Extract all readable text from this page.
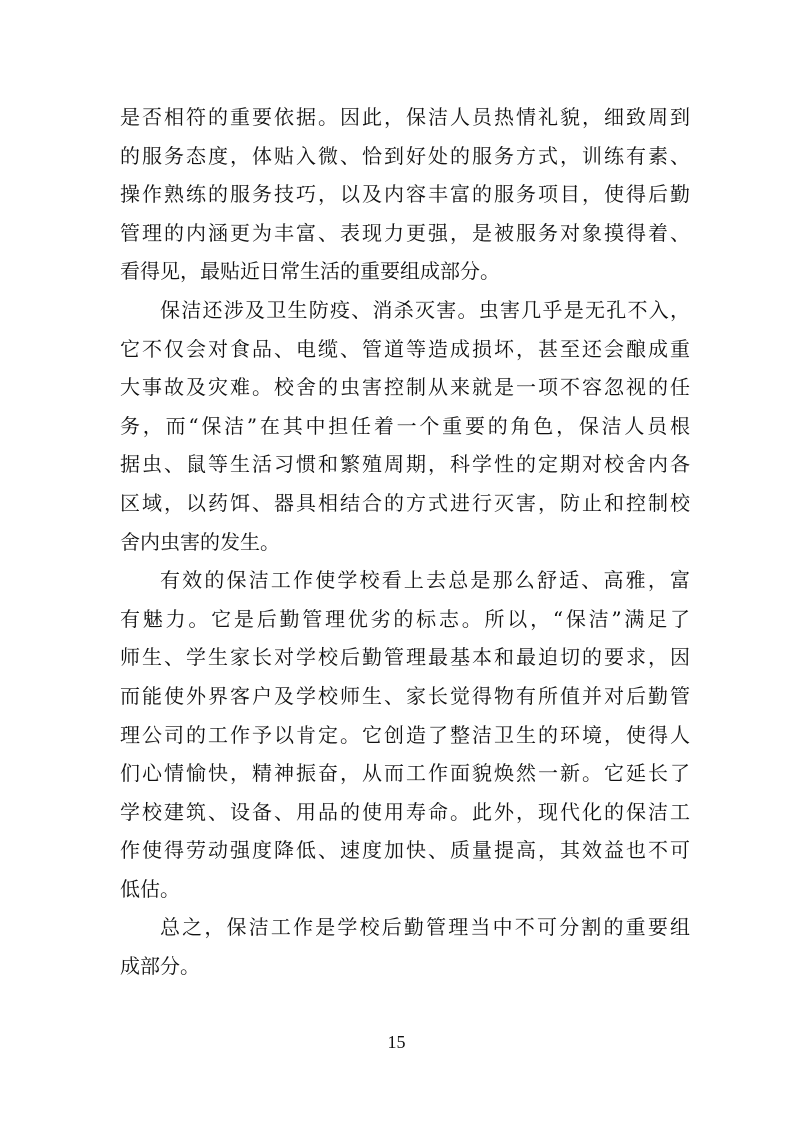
是否相符的重要依据。因此，保洁人员热情礼貌，细致周到
的服务态度，体贴入微、恰到好处的服务方式，训练有素、
操作熟练的服务技巧，以及内容丰富的服务项目，使得后勤
管理的内涵更为丰富、表现力更强，是被服务对象摸得着、
看得见，最贴近日常生活的重要组成部分。
保洁还涉及卫生防疫、消杀灭害。虫害几乎是无孔不入，
它不仅会对食品、电缆、管道等造成损坏，甚至还会酿成重
大事故及灾难。校舍的虫害控制从来就是一项不容忽视的任
务，而“保洁”在其中担任着一个重要的角色，保洁人员根
据虫、鼠等生活习惯和繁殖周期，科学性的定期对校舍内各
区域，以药饵、器具相结合的方式进行灭害，防止和控制校
舍内虫害的发生。
有效的保洁工作使学校看上去总是那么舒适、高雅，富
有魅力。它是后勤管理优劣的标志。所以，“保洁”满足了
师生、学生家长对学校后勤管理最基本和最迫切的要求，因
而能使外界客户及学校师生、家长觉得物有所值并对后勤管
理公司的工作予以肯定。它创造了整洁卫生的环境，使得人
们心情愉快，精神振奋，从而工作面貌焕然一新。它延长了
学校建筑、设备、用品的使用寿命。此外，现代化的保洁工
作使得劳动强度降低、速度加快、质量提高，其效益也不可
低估。
总之，保洁工作是学校后勤管理当中不可分割的重要组
成部分。
15
